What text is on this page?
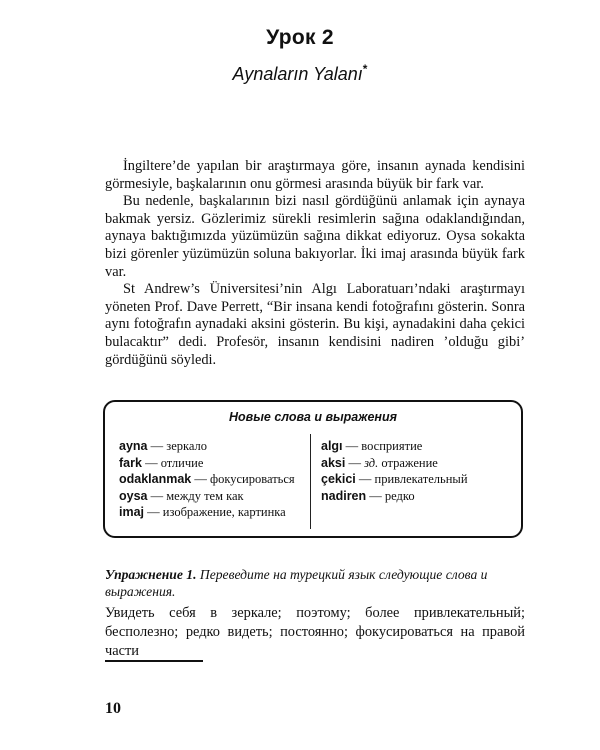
Урок 2
Aynaların Yalanı*

İngiltere’de yapılan bir araştırmaya göre, insanın aynada kendisini görmesiyle, başkalarının onu görmesi arasında büyük bir fark var.

Bu nedenle, başkalarının bizi nasıl gördüğünü anlamak için aynaya bakmak yersiz. Gözlerimiz sürekli resimlerin sağına odaklandığından, aynaya baktığımızda yüzümüzün sağına dikkat ediyoruz. Oysa sokakta bizi görenler yüzümüzün soluna bakıyorlar. İki imaj arasında büyük fark var.

St Andrew’s Üniversitesi’nin Algı Laboratuarı’ndaki araştırmayı yöneten Prof. Dave Perrett, “Bir insana kendi fotoğrafını gösterin. Sonra aynı fotoğrafın aynadaki aksini gösterin. Bu kişi, aynadakini daha çekici bulacaktır” dedi. Profesör, insanın kendisini nadiren ’olduğu gibi’ gördüğünü söyledi.

Новые слова и выражения
ayna — зеркало
fark — отличие
odaklanmak — фокусироваться
oysa — между тем как
imaj — изображение, картинка
algı — восприятие
aksi — зд. отражение
çekici — привлекательный
nadiren — редко
Упражнение 1. Переведите на турецкий язык следующие слова и выражения.
Увидеть себя в зеркале; поэтому; более привлекательный; бесполезно; редко видеть; постоянно; фокусироваться на правой части
10
